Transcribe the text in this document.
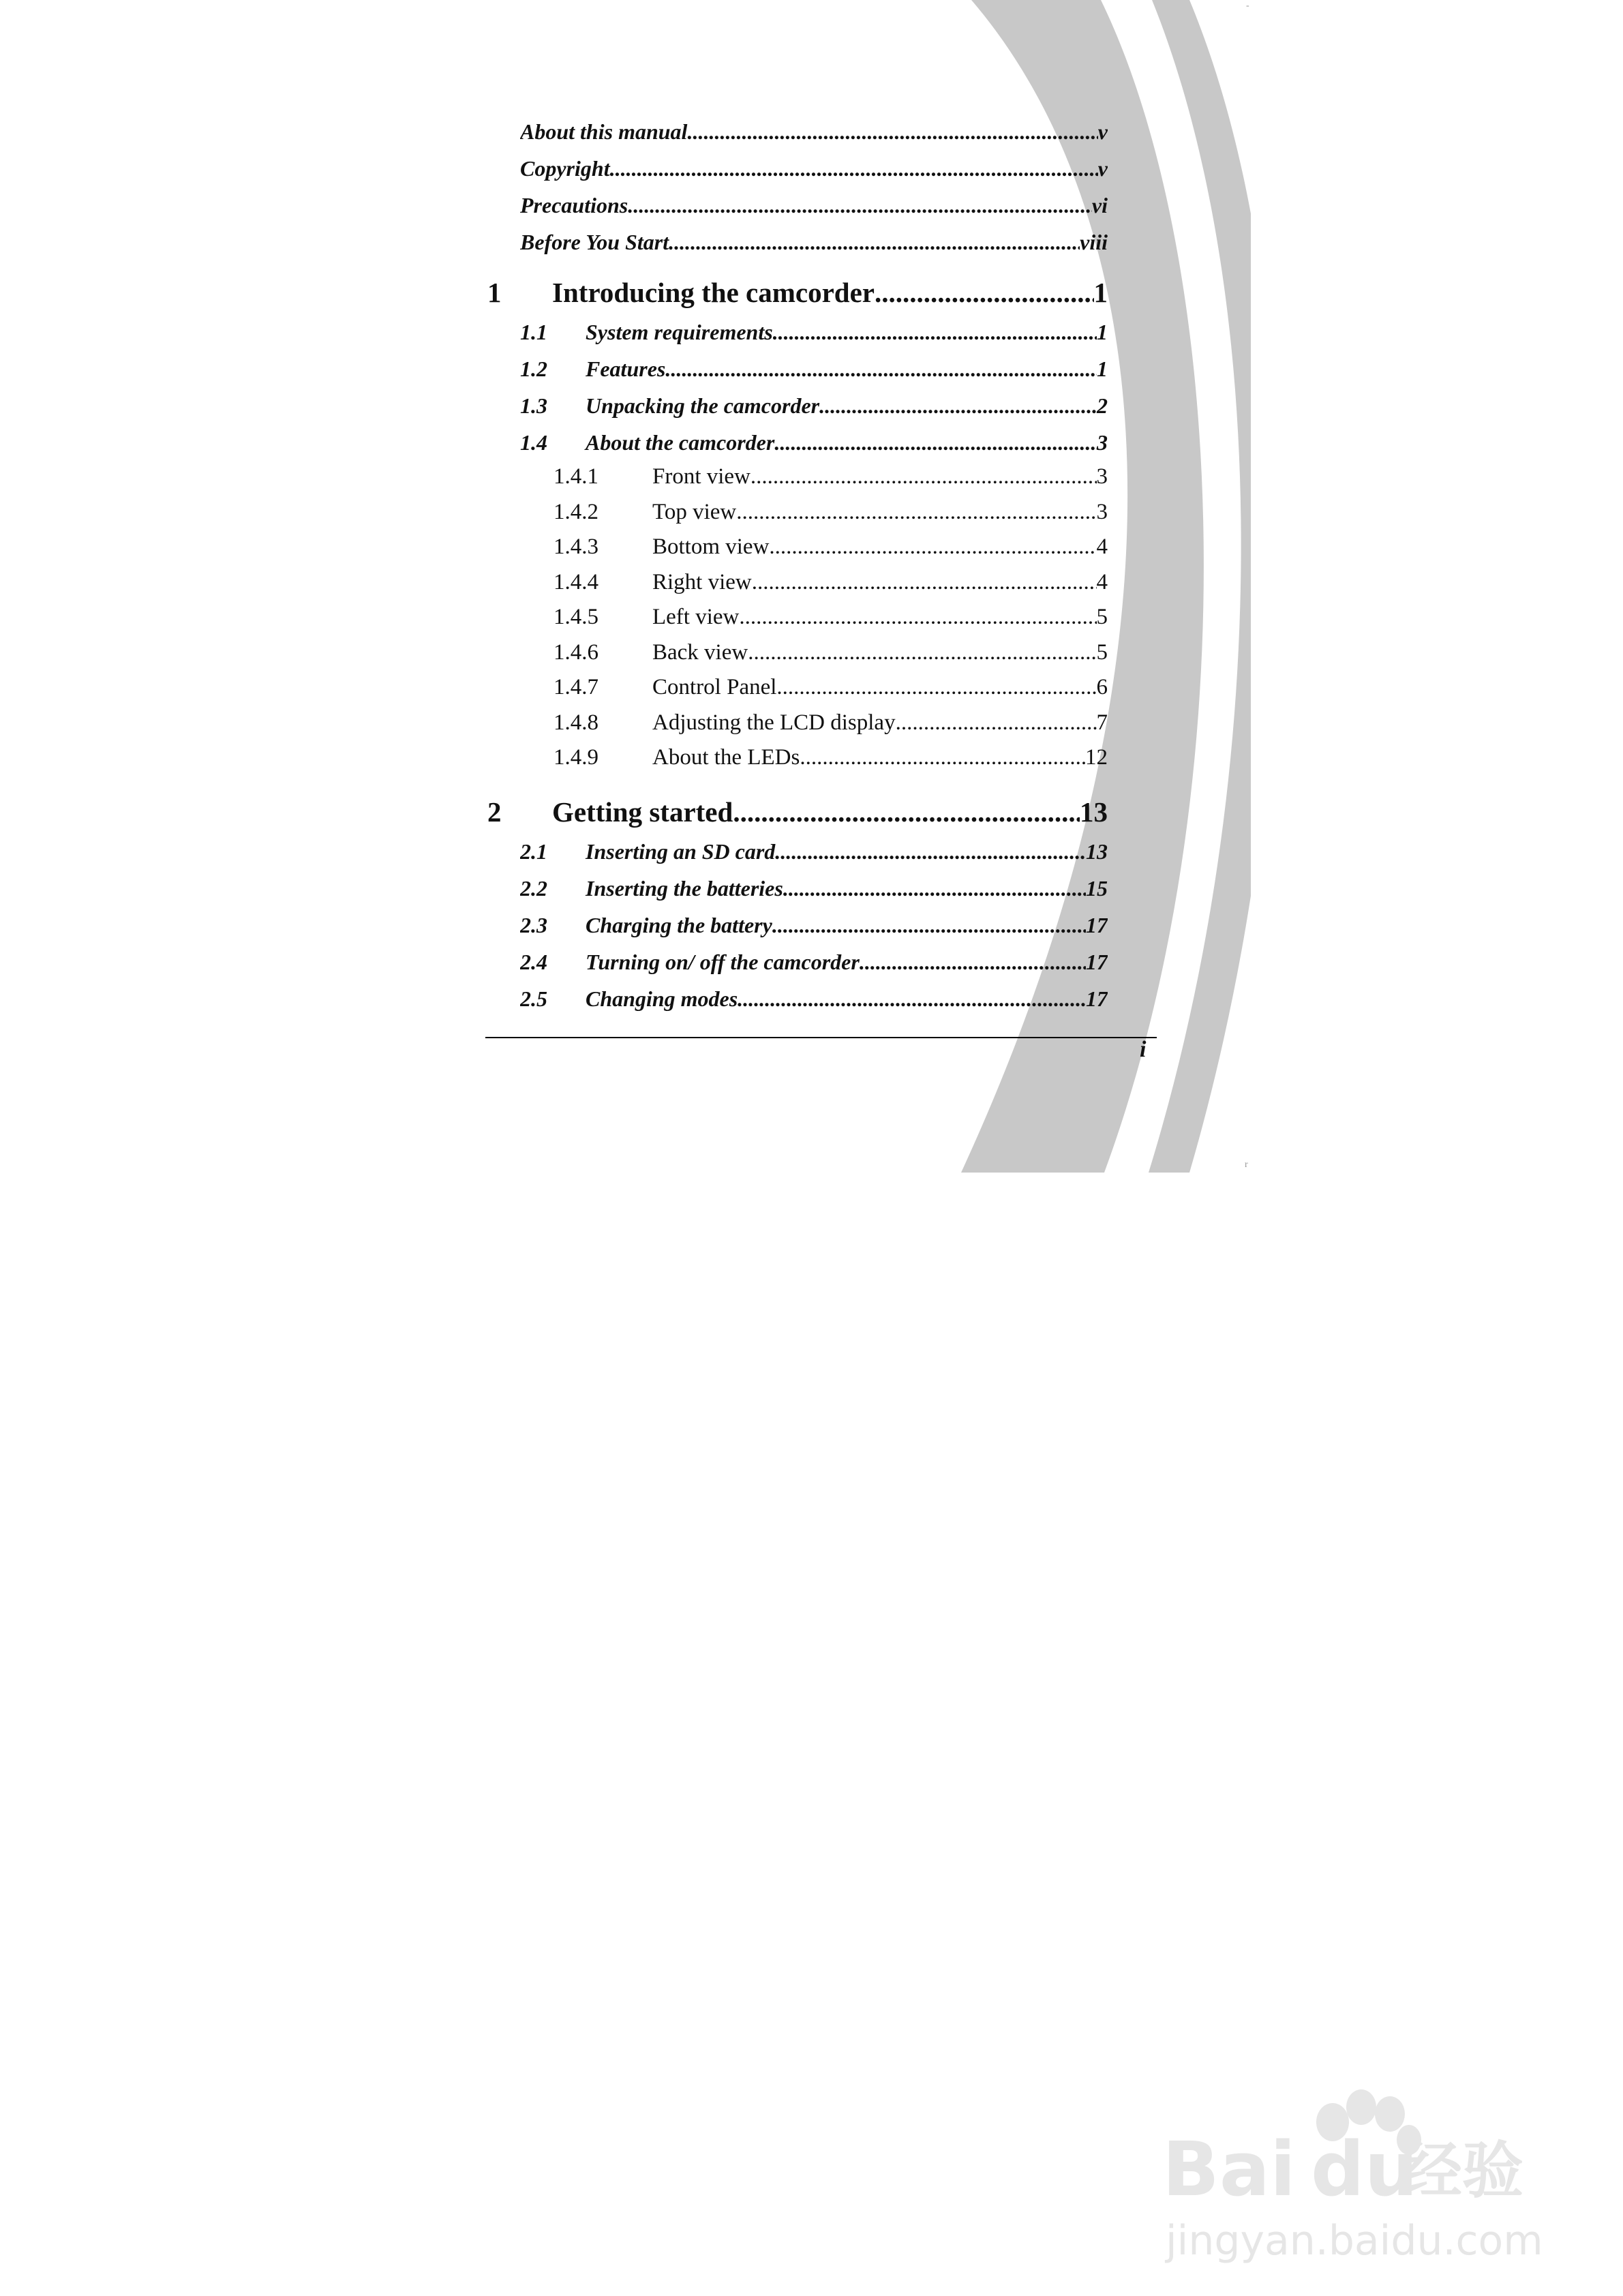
-
r
About this manual .....	v
Copyright .....	v
Precautions .....	vi
Before You Start .....	viii
1	Introducing the camcorder .....	1
1.1	System requirements .....	1
1.2	Features .....	1
1.3	Unpacking the camcorder .....	2
1.4	About the camcorder .....	3
1.4.1	Front view .....	3
1.4.2	Top view .....	3
1.4.3	Bottom view .....	4
1.4.4	Right view .....	4
1.4.5	Left view .....	5
1.4.6	Back view .....	5
1.4.7	Control Panel .....	6
1.4.8	Adjusting the LCD display .....	7
1.4.9	About the LEDs .....	12
2	Getting started .....	13
2.1	Inserting an SD card .....	13
2.2	Inserting the batteries .....	15
2.3	Charging the battery .....	17
2.4	Turning on/ off the camcorder .....	17
2.5	Changing modes .....	17
i
Bai du
经验
jingyan.baidu.com
